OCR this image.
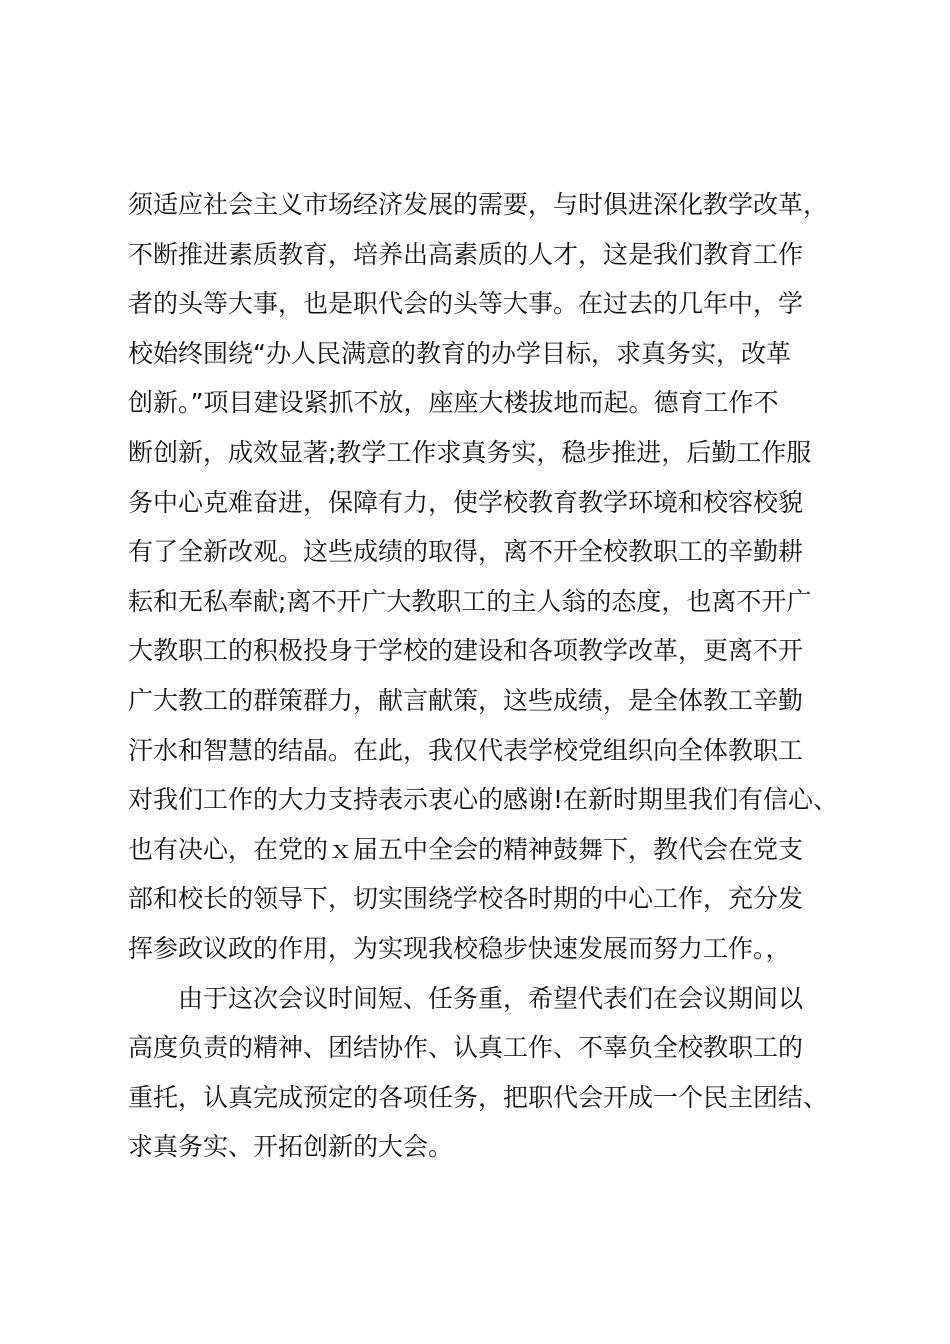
须适应社会主义市场经济发展的需要，与时俱进深化教学改革，
不断推进素质教育，培养出高素质的人才，这是我们教育工作
者的头等大事，也是职代会的头等大事。在过去的几年中，学
校始终围绕“办人民满意的教育的办学目标，求真务实，改革
创新。”项目建设紧抓不放，座座大楼拔地而起。德育工作不
断创新，成效显著;教学工作求真务实，稳步推进，后勤工作服
务中心克难奋进，保障有力，使学校教育教学环境和校容校貌
有了全新改观。这些成绩的取得，离不开全校教职工的辛勤耕
耘和无私奉献;离不开广大教职工的主人翁的态度，也离不开广
大教职工的积极投身于学校的建设和各项教学改革，更离不开
广大教工的群策群力，献言献策，这些成绩，是全体教工辛勤
汗水和智慧的结晶。在此，我仅代表学校党组织向全体教职工
对我们工作的大力支持表示衷心的感谢!在新时期里我们有信心、
也有决心，在党的ｘ届五中全会的精神鼓舞下，教代会在党支
部和校长的领导下，切实围绕学校各时期的中心工作，充分发
挥参政议政的作用，为实现我校稳步快速发展而努力工作。，
由于这次会议时间短、任务重，希望代表们在会议期间以
高度负责的精神、团结协作、认真工作、不辜负全校教职工的
重托，认真完成预定的各项任务，把职代会开成一个民主团结、
求真务实、开拓创新的大会。
